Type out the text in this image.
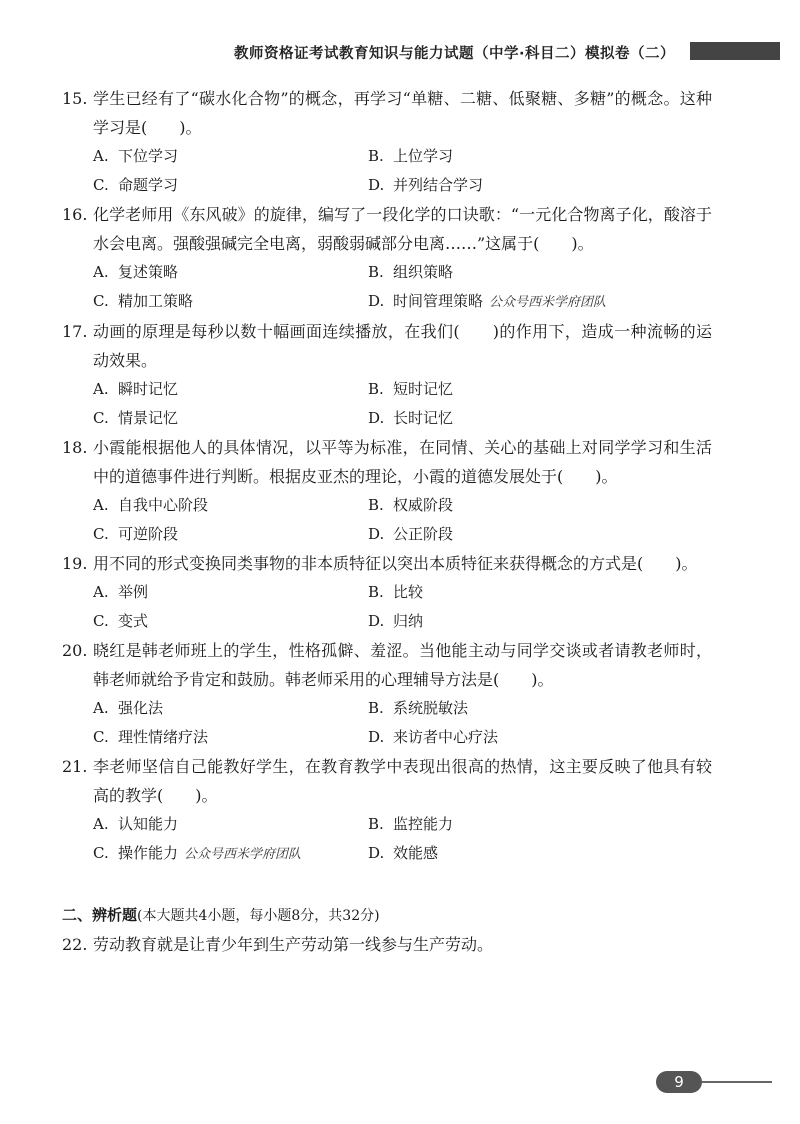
教师资格证考试教育知识与能力试题（中学·科目二）模拟卷（二）
15. 学生已经有了“碳水化合物”的概念，再学习“单糖、二糖、低聚糖、多糖”的概念。这种学习是(　　)。
A. 下位学习	B. 上位学习
C. 命题学习	D. 并列结合学习
16. 化学老师用《东风破》的旋律，编写了一段化学的口诀歌：“一元化合物离子化，酸溶于水会电离。强酸强碱完全电离，弱酸弱碱部分电离……”这属于(　　)。
A. 复述策略	B. 组织策略
C. 精加工策略	D. 时间管理策略 公众号西米学府团队
17. 动画的原理是每秒以数十幅画面连续播放，在我们(　　)的作用下，造成一种流畅的运动效果。
A. 瞬时记忆	B. 短时记忆
C. 情景记忆	D. 长时记忆
18. 小霞能根据他人的具体情况，以平等为标准，在同情、关心的基础上对同学学习和生活中的道德事件进行判断。根据皮亚杰的理论，小霞的道德发展处于(　　)。
A. 自我中心阶段	B. 权威阶段
C. 可逆阶段	D. 公正阶段
19. 用不同的形式变换同类事物的非本质特征以突出本质特征来获得概念的方式是(　　)。
A. 举例	B. 比较
C. 变式	D. 归纳
20. 晓红是韩老师班上的学生，性格孤僻、羞涩。当他能主动与同学交谈或者请教老师时，韩老师就给予肯定和鼓励。韩老师采用的心理辅导方法是(　　)。
A. 强化法	B. 系统脱敏法
C. 理性情绪疗法	D. 来访者中心疗法
21. 李老师坚信自己能教好学生，在教育教学中表现出很高的热情，这主要反映了他具有较高的教学(　　)。
A. 认知能力	B. 监控能力
C. 操作能力 公众号西米学府团队	D. 效能感
二、辨析题(本大题共4小题，每小题8分，共32分)
22. 劳动教育就是让青少年到生产劳动第一线参与生产劳动。
9
